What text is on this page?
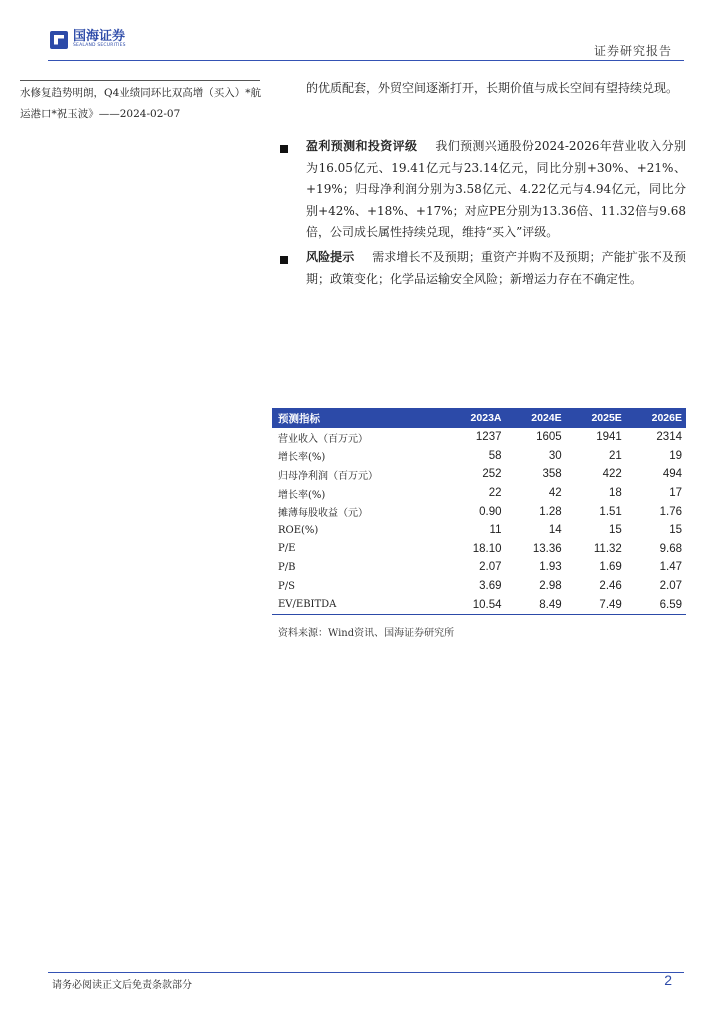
国海证券
SEALAND SECURITIES	证券研究报告
水修复趋势明朗，Q4业绩同环比双高增（买入）*航运港口*祝玉波》——2024-02-07
的优质配套，外贸空间逐渐打开，长期价值与成长空间有望持续兑现。
盈利预测和投资评级 我们预测兴通股份2024-2026年营业收入分别为16.05亿元、19.41亿元与23.14亿元，同比分别+30%、+21%、+19%；归母净利润分别为3.58亿元、4.22亿元与4.94亿元，同比分别+42%、+18%、+17%；对应PE分别为13.36倍、11.32倍与9.68倍，公司成长属性持续兑现，维持“买入”评级。
风险提示 需求增长不及预期；重资产并购不及预期；产能扩张不及预期；政策变化；化学品运输安全风险；新增运力存在不确定性。
预测指标	2023A	2024E	2025E	2026E
营业收入（百万元）	1237	1605	1941	2314
增长率(%)	58	30	21	19
归母净利润（百万元）	252	358	422	494
增长率(%)	22	42	18	17
摊薄每股收益（元）	0.90	1.28	1.51	1.76
ROE(%)	11	14	15	15
P/E	18.10	13.36	11.32	9.68
P/B	2.07	1.93	1.69	1.47
P/S	3.69	2.98	2.46	2.07
EV/EBITDA	10.54	8.49	7.49	6.59
资料来源：Wind资讯、国海证券研究所
请务必阅读正文后免责条款部分	2
